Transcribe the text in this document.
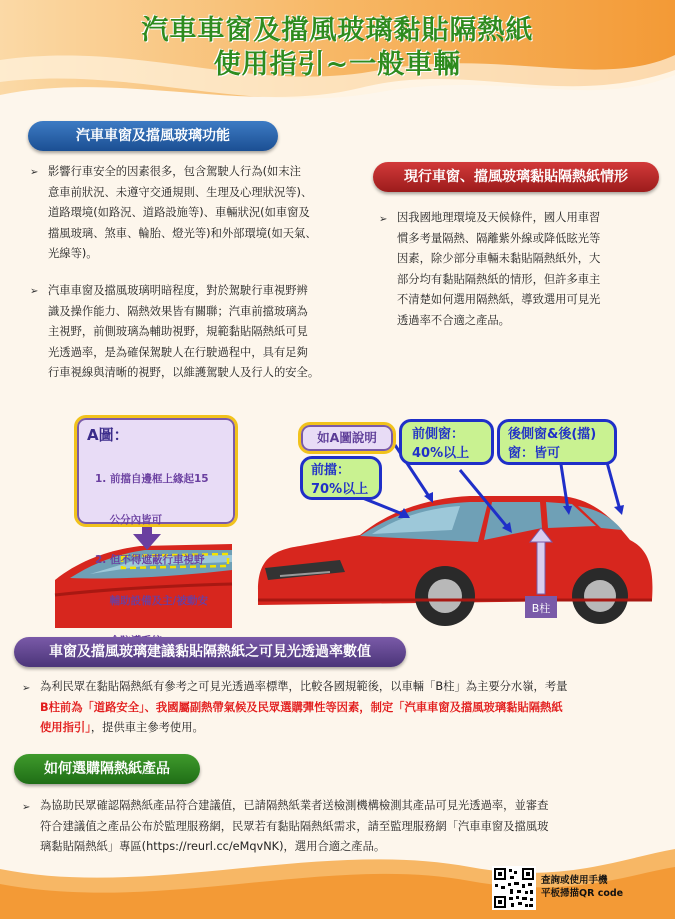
汽車車窗及擋風玻璃黏貼隔熱紙
使用指引~一般車輛
汽車車窗及擋風玻璃功能
➢ 影響行車安全的因素很多，包含駕駛人行為(如末注
意車前狀況、未遵守交通規則、生理及心理狀況等)、
道路環境(如路況、道路設施等)、車輛狀況(如車窗及
擋風玻璃、煞車、輪胎、燈光等)和外部環境(如天氣、
光線等)。
➢ 汽車車窗及擋風玻璃明暗程度，對於駕駛行車視野辨
識及操作能力、隔熱效果皆有關聯；汽車前擋玻璃為
主視野，前側玻璃為輔助視野，規範黏貼隔熱紙可見
光透過率，是為確保駕駛人在行駛過程中，具有足夠
行車視線與清晰的視野，以維護駕駛人及行人的安全。
現行車窗、擋風玻璃黏貼隔熱紙情形
➢ 因我國地理環境及天候條件，國人用車習
慣多考量隔熱、隔離紫外線或降低眩光等
因素，除少部分車輛未黏貼隔熱紙外，大
部分均有黏貼隔熱紙的情形，但許多車主
不清楚如何選用隔熱紙，導致選用可見光
透過率不合適之產品。
A圖：

1. 前擋自邊框上緣起15

公分內皆可

2. 但不得遮蔽行車視野

輔助設備及主/被動安

如A圖說明
前擋：
70%以上
前側窗：
40%以上
後側窗&後(擋)
窗：皆可
B柱
車窗及擋風玻璃建議黏貼隔熱紙之可見光透過率數值
➢ 為利民眾在黏貼隔熱紙有參考之可見光透過率標準，比較各國規範後，以車輛「B柱」為主要分水嶺，考量
B柱前為「道路安全」、我國屬副熱帶氣候及民眾選購彈性等因素，制定「汽車車窗及擋風玻璃黏貼隔熱紙
使用指引」，提供車主參考使用。
如何選購隔熱紙產品
➢ 為協助民眾確認隔熱紙產品符合建議值，已請隔熱紙業者送檢測機構檢測其產品可見光透過率，並審查
符合建議值之產品公布於監理服務網，民眾若有黏貼隔熱紙需求，請至監理服務網「汽車車窗及擋風玻
璃黏貼隔熱紙」專區(https://reurl.cc/eMqvNK)，選用合適之產品。
查詢或使用手機
平板掃描QR code
